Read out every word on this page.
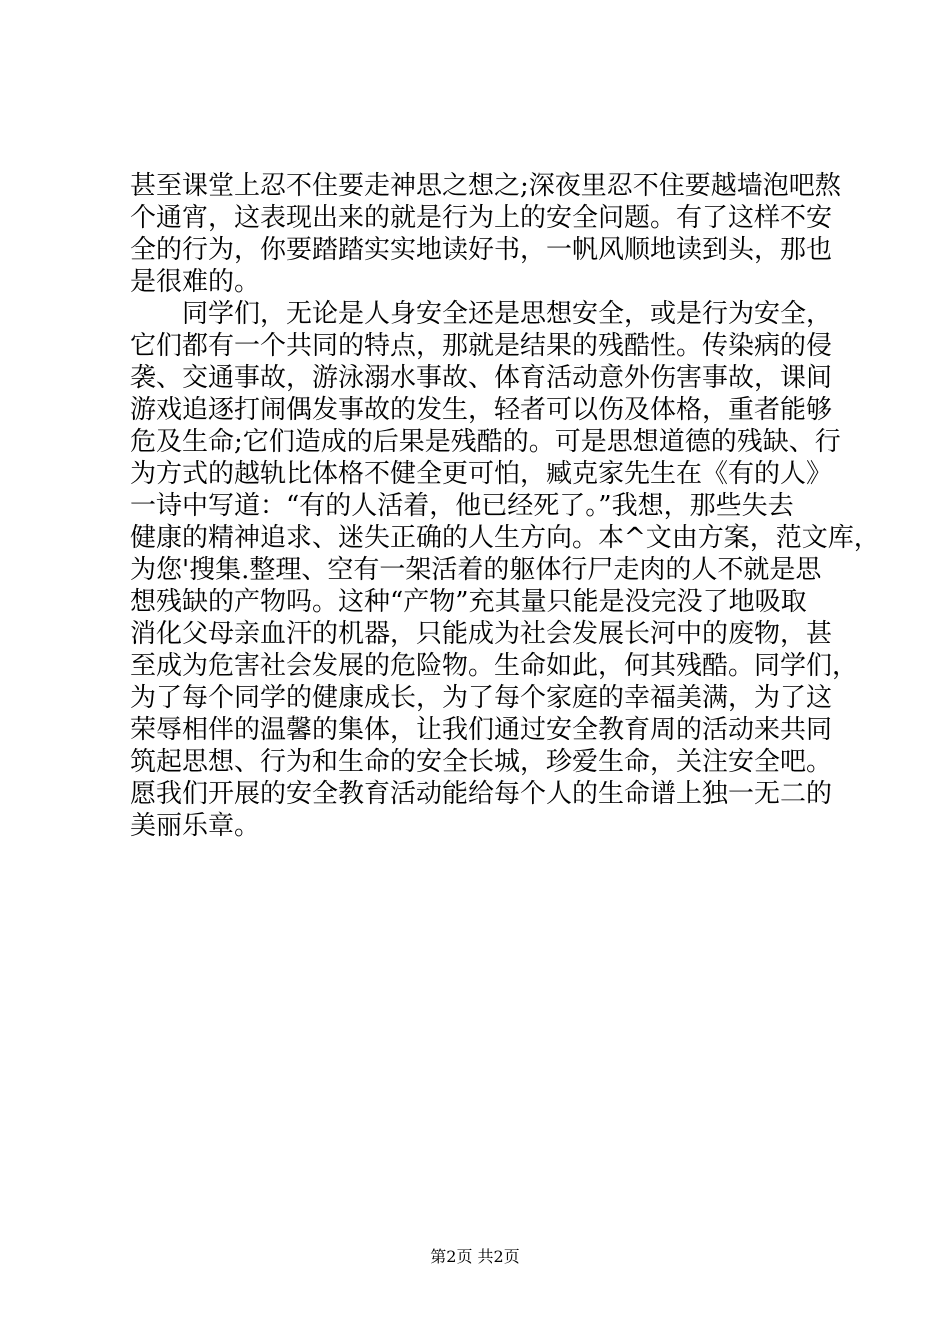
甚至课堂上忍不住要走神思之想之;深夜里忍不住要越墙泡吧熬
个通宵，这表现出来的就是行为上的安全问题。有了这样不安
全的行为，你要踏踏实实地读好书，一帆风顺地读到头，那也
是很难的。
　　同学们，无论是人身安全还是思想安全，或是行为安全，
它们都有一个共同的特点，那就是结果的残酷性。传染病的侵
袭、交通事故，游泳溺水事故、体育活动意外伤害事故，课间
游戏追逐打闹偶发事故的发生，轻者可以伤及体格，重者能够
危及生命;它们造成的后果是残酷的。可是思想道德的残缺、行
为方式的越轨比体格不健全更可怕，臧克家先生在《有的人》
一诗中写道：“有的人活着，他已经死了。”我想，那些失去
健康的精神追求、迷失正确的人生方向。本^文由方案，范文库，
为您'搜集.整理、空有一架活着的躯体行尸走肉的人不就是思
想残缺的产物吗。这种“产物”充其量只能是没完没了地吸取
消化父母亲血汗的机器，只能成为社会发展长河中的废物，甚
至成为危害社会发展的危险物。生命如此，何其残酷。同学们，
为了每个同学的健康成长，为了每个家庭的幸福美满，为了这
荣辱相伴的温馨的集体，让我们通过安全教育周的活动来共同
筑起思想、行为和生命的安全长城，珍爱生命，关注安全吧。
愿我们开展的安全教育活动能给每个人的生命谱上独一无二的
美丽乐章。
第2页 共2页
